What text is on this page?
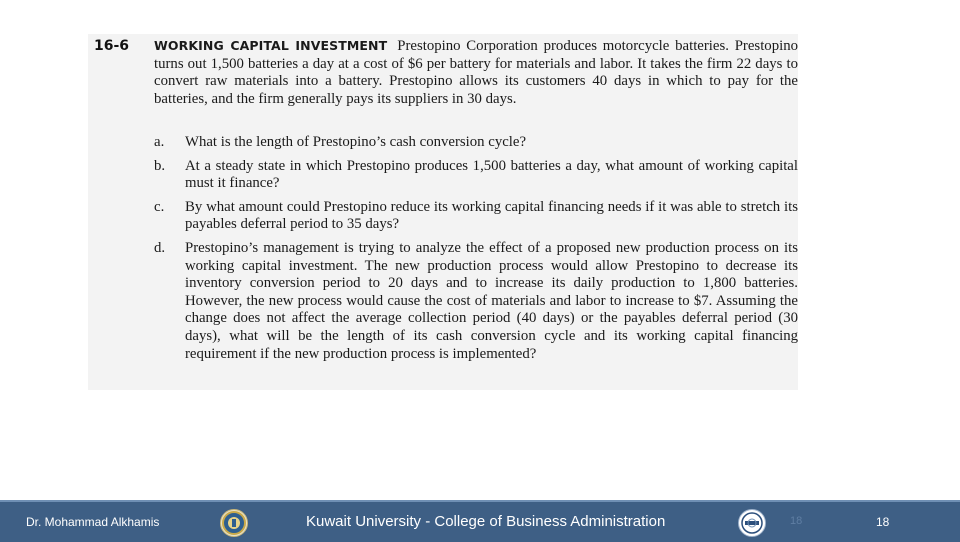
16-6 WORKING CAPITAL INVESTMENT Prestopino Corporation produces motorcycle batteries. Prestopino turns out 1,500 batteries a day at a cost of $6 per battery for materials and labor. It takes the firm 22 days to convert raw materials into a battery. Prestopino allows its customers 40 days in which to pay for the batteries, and the firm generally pays its suppliers in 30 days.

a.	What is the length of Prestopino’s cash conversion cycle?
b.	At a steady state in which Prestopino produces 1,500 batteries a day, what amount of working capital must it finance?
c.	By what amount could Prestopino reduce its working capital financing needs if it was able to stretch its payables deferral period to 35 days?
d.	Prestopino’s management is trying to analyze the effect of a proposed new production process on its working capital investment. The new production process would allow Prestopino to decrease its inventory conversion period to 20 days and to increase its daily production to 1,800 batteries. However, the new process would cause the cost of materials and labor to increase to $7. Assuming the change does not affect the average collection period (40 days) or the payables deferral period (30 days), what will be the length of its cash conversion cycle and its working capital financing requirement if the new production process is implemented?
Dr. Mohammad Alkhamis	Kuwait University - College of Business Administration	18	18
